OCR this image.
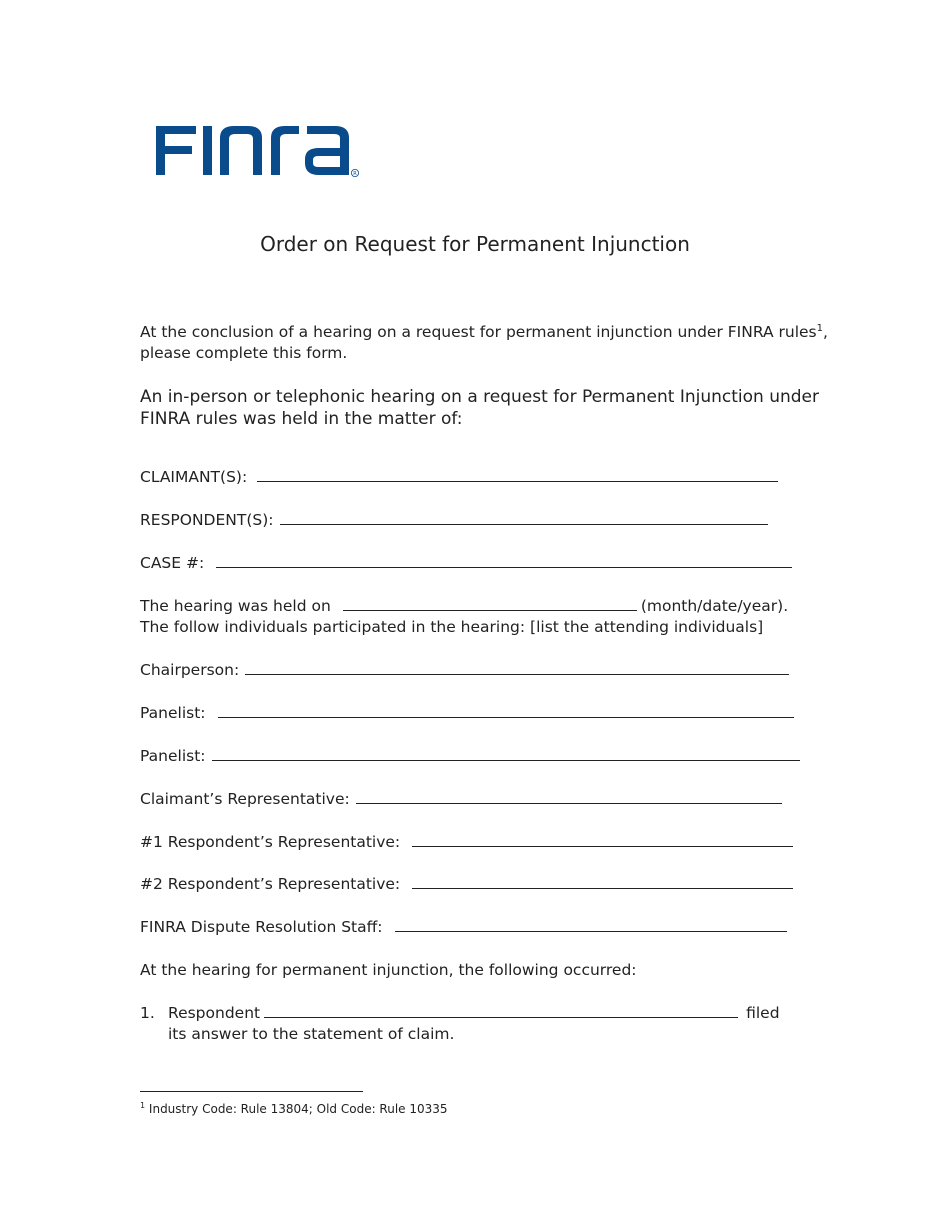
R
Order on Request for Permanent Injunction
At the conclusion of a hearing on a request for permanent injunction under FINRA rules$^1$, please complete this form.
An in-person or telephonic hearing on a request for Permanent Injunction under FINRA rules was held in the matter of:
CLAIMANT(S):
RESPONDENT(S):
CASE #:
The hearing was held on	(month/date/year).
The follow individuals participated in the hearing: [list the attending individuals]
Chairperson:
Panelist:
Panelist:
Claimant’s Representative:
#1 Respondent’s Representative:
#2 Respondent’s Representative:
FINRA Dispute Resolution Staff:
At the hearing for permanent injunction, the following occurred:
1. Respondent	filed
its answer to the statement of claim.
$^1$ Industry Code: Rule 13804; Old Code: Rule 10335
